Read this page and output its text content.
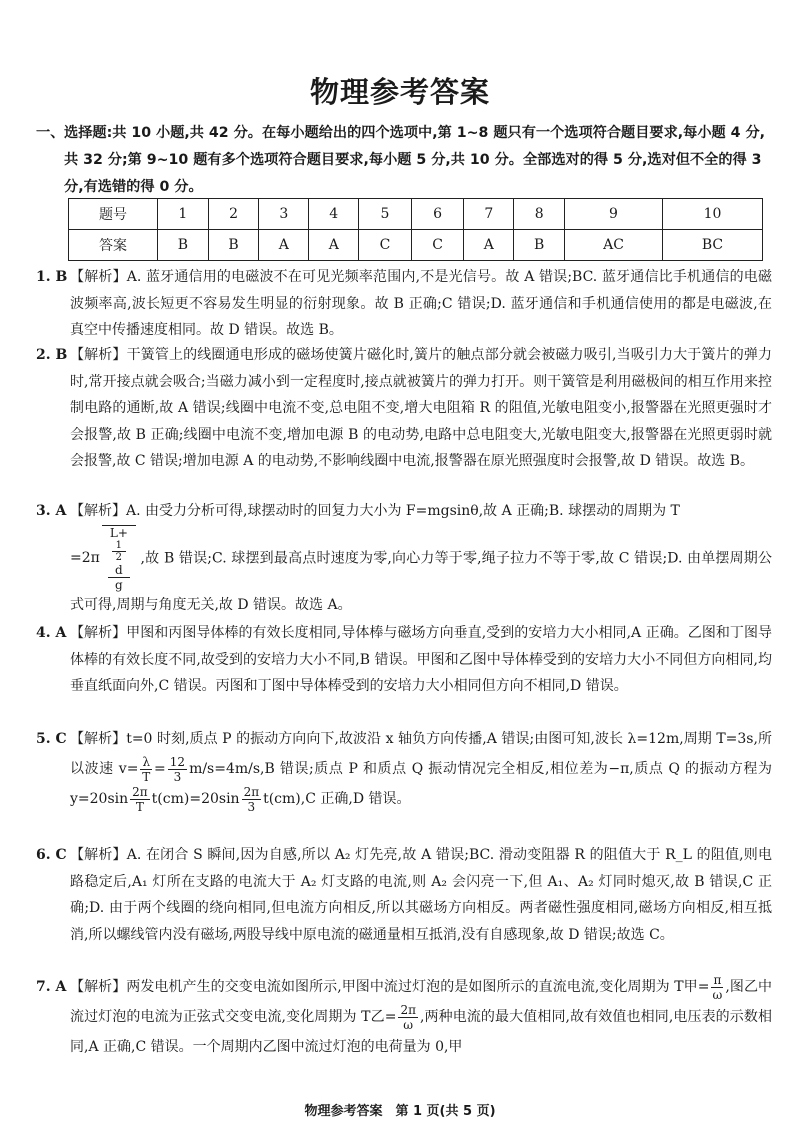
物理参考答案
一、 选择题:共 10 小题,共 42 分。在每小题给出的四个选项中,第 1~8 题只有一个选项符合题目要求,每小题 4 分,共 32 分;第 9~10 题有多个选项符合题目要求,每小题 5 分,共 10 分。全部选对的得 5 分,选对但不全的得 3 分,有选错的得 0 分。
题号	1	2	3	4	5	6	7	8	9	10
答案	B	B	A	A	C	C	A	B	AC	BC
1. B 【解析】A. 蓝牙通信用的电磁波不在可见光频率范围内,不是光信号。故 A 错误;BC. 蓝牙通信比手机通信的电磁波频率高,波长短更不容易发生明显的衍射现象。故 B 正确;C 错误;D. 蓝牙通信和手机通信使用的都是电磁波,在真空中传播速度相同。故 D 错误。故选 B。
2. B 【解析】干簧管上的线圈通电形成的磁场使簧片磁化时,簧片的触点部分就会被磁力吸引,当吸引力大于簧片的弹力时,常开接点就会吸合;当磁力减小到一定程度时,接点就被簧片的弹力打开。则干簧管是利用磁极间的相互作用来控制电路的通断,故 A 错误;线圈中电流不变,总电阻不变,增大电阻箱 R 的阻值,光敏电阻变小,报警器在光照更强时才会报警,故 B 正确;线圈中电流不变,增加电源 B 的电动势,电路中总电阻变大,光敏电阻变大,报警器在光照更弱时就会报警,故 C 错误;增加电源 A 的电动势,不影响线圈中电流,报警器在原光照强度时会报警,故 D 错误。故选 B。
3. A 【解析】A. 由受力分析可得,球摆动时的回复力大小为 F=mgsinθ,故 A 正确;B. 球摆动的周期为 T
=2π L+
1
2
d
g ,故 B 错误;C. 球摆到最高点时速度为零,向心力等于零,绳子拉力不等于零,故 C 错误;D. 由单摆周期公式可得,周期与角度无关,故 D 错误。故选 A。
4. A 【解析】甲图和丙图导体棒的有效长度相同,导体棒与磁场方向垂直,受到的安培力大小相同,A 正确。乙图和丁图导体棒的有效长度不同,故受到的安培力大小不同,B 错误。甲图和乙图中导体棒受到的安培力大小不同但方向相同,均垂直纸面向外,C 错误。丙图和丁图中导体棒受到的安培力大小相同但方向不相同,D 错误。
5. C 【解析】t=0 时刻,质点 P 的振动方向向下,故波沿 x 轴负方向传播,A 错误;由图可知,波长 λ=12m,周期 T=3s,所以波速 $v= \frac{\lambda}{T} = \frac{12}{3} m/s=4m/s,B$ 错误;质点 P 和质点 Q 振动情况完全相反,相位差为−π,质点 Q 的振动方程为 $y=20\sin \frac{2\pi}{T} t(cm)=20\sin \frac{2\pi}{3} t(cm),C$ 正确,D 错误。
6. C 【解析】A. 在闭合 S 瞬间,因为自感,所以 A₂ 灯先亮,故 A 错误;BC. 滑动变阻器 R 的阻值大于 R_L 的阻值,则电路稳定后,A₁ 灯所在支路的电流大于 A₂ 灯支路的电流,则 A₂ 会闪亮一下,但 A₁、A₂ 灯同时熄灭,故 B 错误,C 正确;D. 由于两个线圈的绕向相同,但电流方向相反,所以其磁场方向相反。两者磁性强度相同,磁场方向相反,相互抵消,所以螺线管内没有磁场,两股导线中原电流的磁通量相互抵消,没有自感现象,故 D 错误;故选 C。
7. A 【解析】两发电机产生的交变电流如图所示,甲图中流过灯泡的是如图所示的直流电流,变化周期为 T甲= $\frac{\pi}{\omega}$ ,图乙中流过灯泡的电流为正弦式交变电流,变化周期为 T乙= $\frac{2\pi}{\omega}$ ,两种电流的最大值相同,故有效值也相同,电压表的示数相同,A 正确,C 错误。一个周期内乙图中流过灯泡的电荷量为 0,甲
物理参考答案　第 1 页(共 5 页)
